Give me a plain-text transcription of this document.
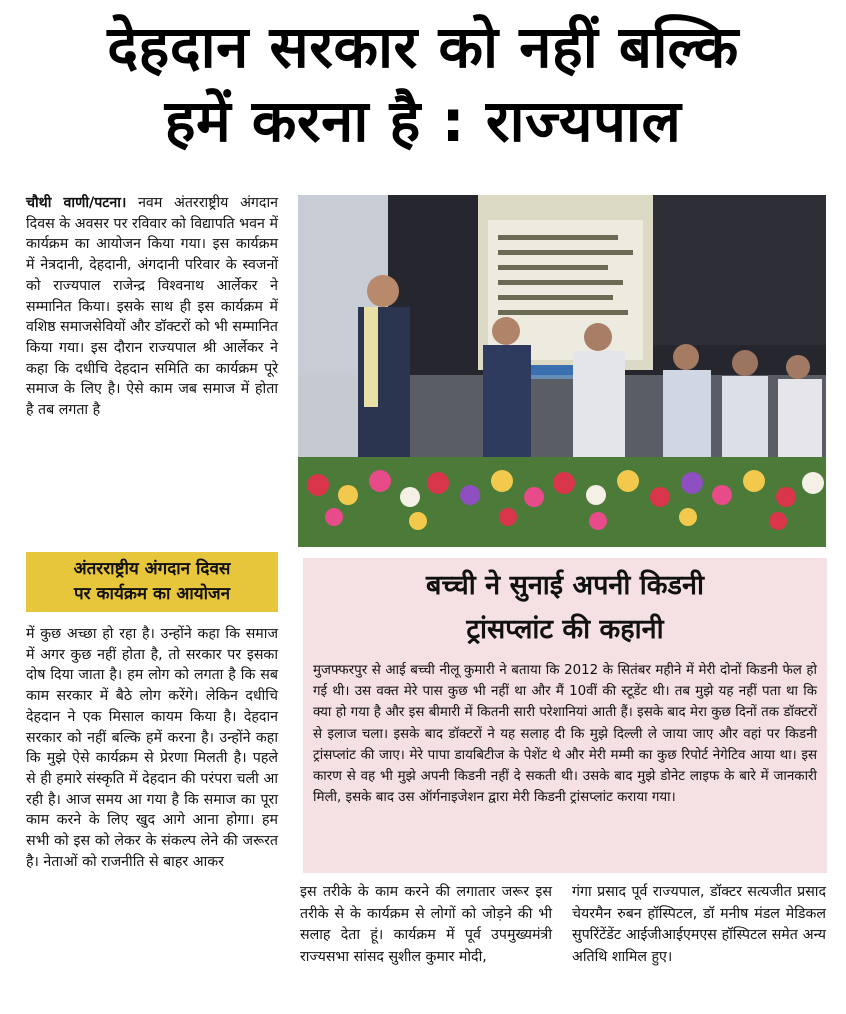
देहदान सरकार को नहीं बल्कि
हमें करना है : राज्यपाल

चौथी वाणी/पटना। नवम अंतरराष्ट्रीय अंगदान दिवस के अवसर पर रविवार को विद्यापति भवन में कार्यक्रम का आयोजन किया गया। इस कार्यक्रम में नेत्रदानी, देहदानी, अंगदानी परिवार के स्वजनों को राज्यपाल राजेन्द्र विश्वनाथ आर्लेकर ने सम्मानित किया। इसके साथ ही इस कार्यक्रम में वशिष्ठ समाजसेवियों और डॉक्टरों को भी सम्मानित किया गया। इस दौरान राज्यपाल श्री आर्लेकर ने कहा कि दधीचि देहदान समिति का कार्यक्रम पूरे समाज के लिए है। ऐसे काम जब समाज में होता है तब लगता है

अंतरराष्ट्रीय अंगदान दिवस
पर कार्यक्रम का आयोजन

में कुछ अच्छा हो रहा है। उन्होंने कहा कि समाज में अगर कुछ नहीं होता है, तो सरकार पर इसका दोष दिया जाता है। हम लोग को लगता है कि सब काम सरकार में बैठे लोग करेंगे। लेकिन दधीचि देहदान ने एक मिसाल कायम किया है। देहदान सरकार को नहीं बल्कि हमें करना है। उन्होंने कहा कि मुझे ऐसे कार्यक्रम से प्रेरणा मिलती है। पहले से ही हमारे संस्कृति में देहदान की परंपरा चली आ रही है। आज समय आ गया है कि समाज का पूरा काम करने के लिए खुद आगे आना होगा। हम सभी को इस को लेकर के संकल्प लेने की जरूरत है। नेताओं को राजनीति से बाहर आकर

बच्ची ने सुनाई अपनी किडनी
ट्रांसप्लांट की कहानी
मुजफ्फरपुर से आई बच्ची नीलू कुमारी ने बताया कि 2012 के सितंबर महीने में मेरी दोनों किडनी फेल हो गई थी। उस वक्त मेरे पास कुछ भी नहीं था और मैं 10वीं की स्टूडेंट थी। तब मुझे यह नहीं पता था कि क्या हो गया है और इस बीमारी में कितनी सारी परेशानियां आती हैं। इसके बाद मेरा कुछ दिनों तक डॉक्टरों से इलाज चला। इसके बाद डॉक्टरों ने यह सलाह दी कि मुझे दिल्ली ले जाया जाए और वहां पर किडनी ट्रांसप्लांट की जाए। मेरे पापा डायबिटीज के पेशेंट थे और मेरी मम्मी का कुछ रिपोर्ट नेगेटिव आया था। इस कारण से वह भी मुझे अपनी किडनी नहीं दे सकती थी। उसके बाद मुझे डोनेट लाइफ के बारे में जानकारी मिली, इसके बाद उस ऑर्गनाइजेशन द्वारा मेरी किडनी ट्रांसप्लांट कराया गया।

इस तरीके के काम करने की लगातार जरूर इस तरीके से के कार्यक्रम से लोगों को जोड़ने की भी सलाह देता हूं। कार्यक्रम में पूर्व उपमुख्यमंत्री राज्यसभा सांसद सुशील कुमार मोदी,

गंगा प्रसाद पूर्व राज्यपाल, डॉक्टर सत्यजीत प्रसाद चेयरमैन रुबन हॉस्पिटल, डॉ मनीष मंडल मेडिकल सुपरिंटेंडेंट आईजीआईएमएस हॉस्पिटल समेत अन्य अतिथि शामिल हुए।
